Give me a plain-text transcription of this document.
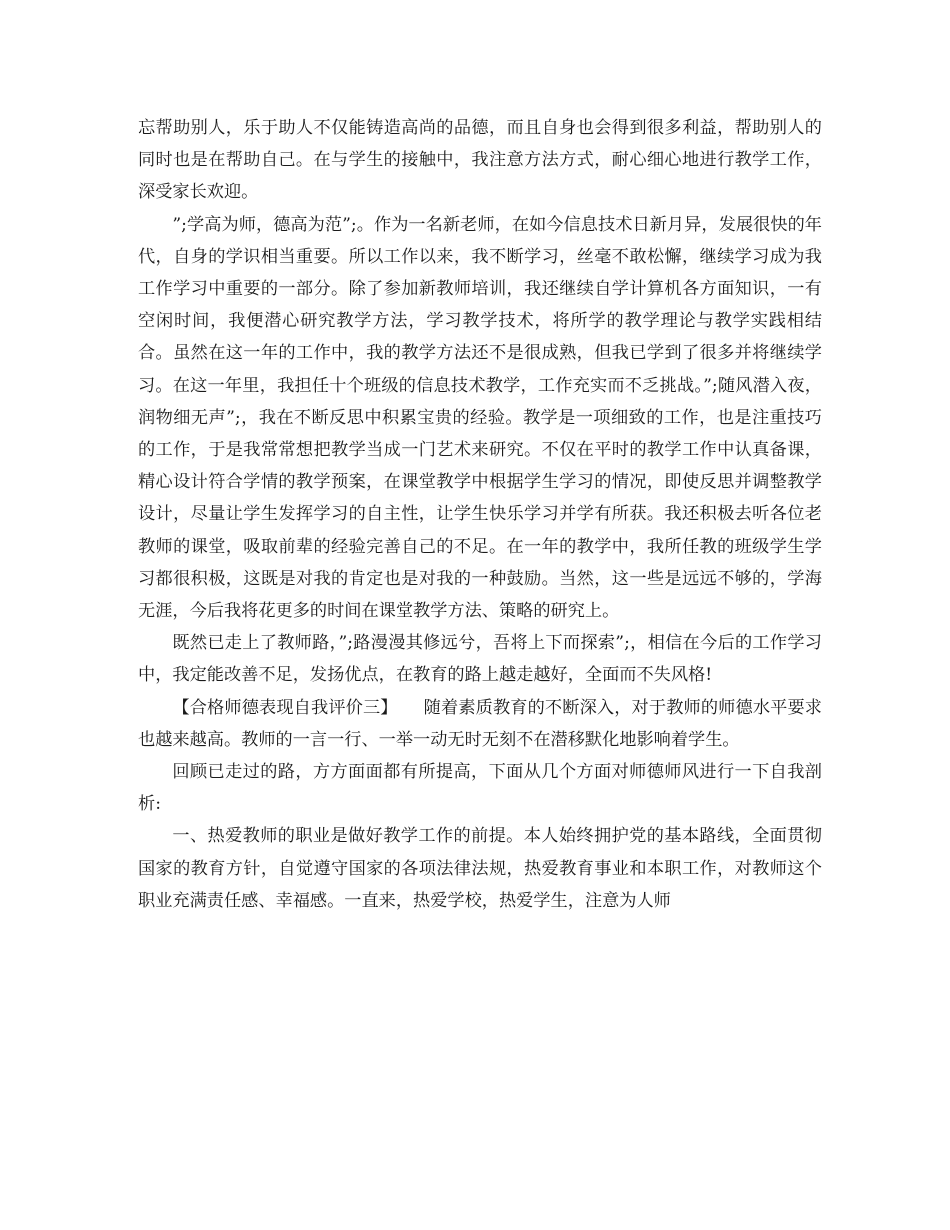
忘帮助别人，乐于助人不仅能铸造高尚的品德，而且自身也会得到很多利益，帮助别人的同时也是在帮助自己。在与学生的接触中，我注意方法方式，耐心细心地进行教学工作，深受家长欢迎。

”;学高为师，德高为范”;。作为一名新老师，在如今信息技术日新月异，发展很快的年代，自身的学识相当重要。所以工作以来，我不断学习，丝毫不敢松懈，继续学习成为我工作学习中重要的一部分。除了参加新教师培训，我还继续自学计算机各方面知识，一有空闲时间，我便潜心研究教学方法，学习教学技术，将所学的教学理论与教学实践相结合。虽然在这一年的工作中，我的教学方法还不是很成熟，但我已学到了很多并将继续学习。在这一年里，我担任十个班级的信息技术教学，工作充实而不乏挑战。”;随风潜入夜，润物细无声”;，我在不断反思中积累宝贵的经验。教学是一项细致的工作，也是注重技巧的工作，于是我常常想把教学当成一门艺术来研究。不仅在平时的教学工作中认真备课，精心设计符合学情的教学预案，在课堂教学中根据学生学习的情况，即使反思并调整教学设计，尽量让学生发挥学习的自主性，让学生快乐学习并学有所获。我还积极去听各位老教师的课堂，吸取前辈的经验完善自己的不足。在一年的教学中，我所任教的班级学生学习都很积极，这既是对我的肯定也是对我的一种鼓励。当然，这一些是远远不够的，学海无涯，今后我将花更多的时间在课堂教学方法、策略的研究上。

既然已走上了教师路，”;路漫漫其修远兮，吾将上下而探索”;，相信在今后的工作学习中，我定能改善不足，发扬优点，在教育的路上越走越好，全面而不失风格!

【合格师德表现自我评价三】　　随着素质教育的不断深入，对于教师的师德水平要求也越来越高。教师的一言一行、一举一动无时无刻不在潜移默化地影响着学生。

回顾已走过的路，方方面面都有所提高，下面从几个方面对师德师风进行一下自我剖析:

一、热爱教师的职业是做好教学工作的前提。本人始终拥护党的基本路线，全面贯彻国家的教育方针，自觉遵守国家的各项法律法规，热爱教育事业和本职工作，对教师这个职业充满责任感、幸福感。一直来，热爱学校，热爱学生，注意为人师
